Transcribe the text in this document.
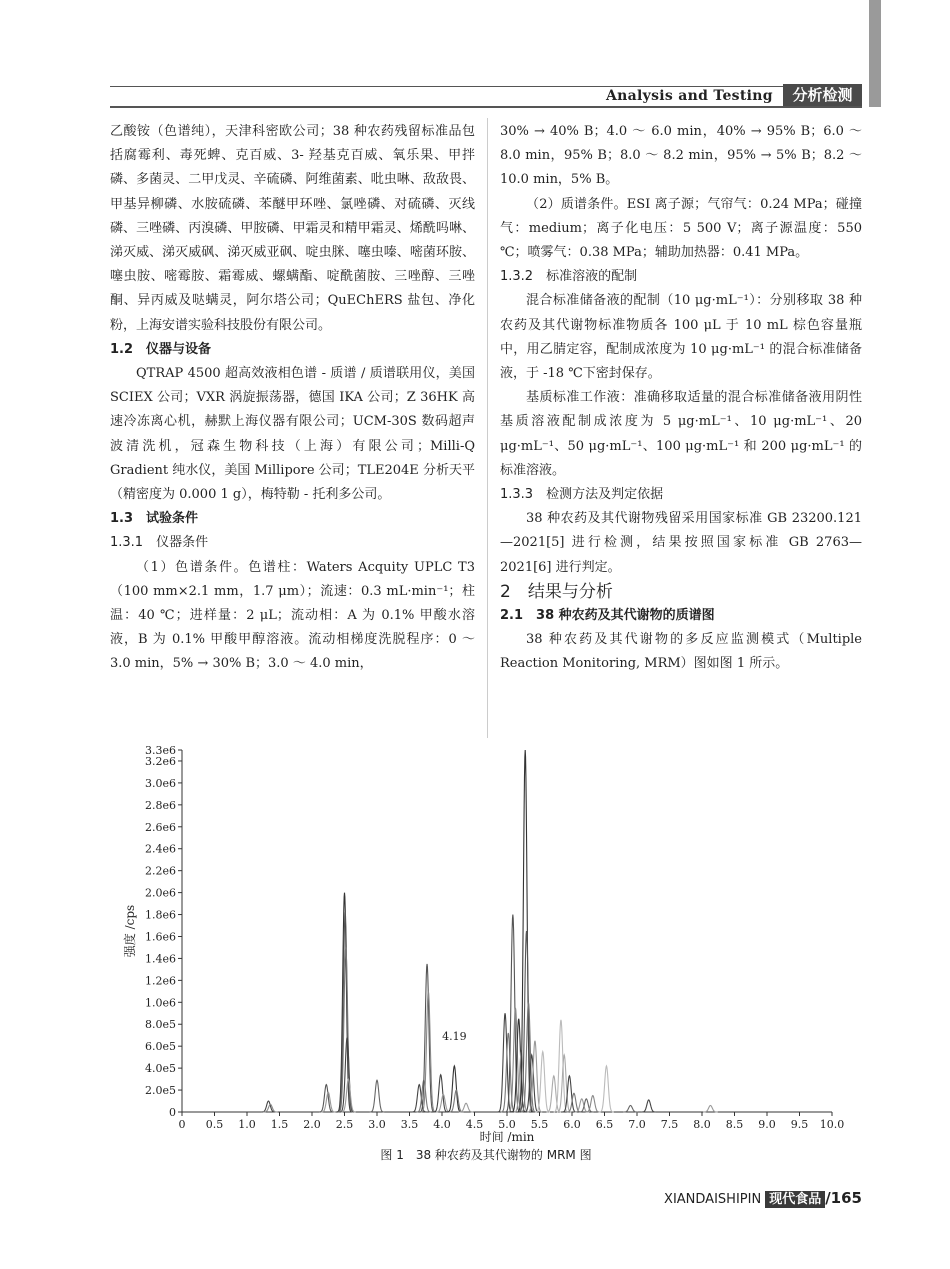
Analysis and Testing	分析检测

乙酸铵（色谱纯），天津科密欧公司；38 种农药残留标准品包括腐霉利、毒死蜱、克百威、3- 羟基克百威、氧乐果、甲拌磷、多菌灵、二甲戊灵、辛硫磷、阿维菌素、吡虫啉、敌敌畏、甲基异柳磷、水胺硫磷、苯醚甲环唑、氯唑磷、对硫磷、灭线磷、三唑磷、丙溴磷、甲胺磷、甲霜灵和精甲霜灵、烯酰吗啉、涕灭威、涕灭威砜、涕灭威亚砜、啶虫脒、噻虫嗪、嘧菌环胺、噻虫胺、嘧霉胺、霜霉威、螺螨酯、啶酰菌胺、三唑醇、三唑酮、异丙威及哒螨灵，阿尔塔公司；QuEChERS 盐包、净化粉，上海安谱实验科技股份有限公司。

1.2　仪器与设备

QTRAP 4500 超高效液相色谱 - 质谱 / 质谱联用仪，美国 SCIEX 公司；VXR 涡旋振荡器，德国 IKA 公司；Z 36HK 高速冷冻离心机，赫默上海仪器有限公司；UCM-30S 数码超声波清洗机，冠森生物科技（上海）有限公司；Milli-Q Gradient 纯水仪，美国 Millipore 公司；TLE204E 分析天平（精密度为 0.000 1 g），梅特勒 - 托利多公司。

1.3　试验条件

1.3.1　仪器条件

（1）色谱条件。色谱柱：Waters Acquity UPLC T3（100 mm×2.1 mm，1.7 μm）；流速：0.3 mL·min⁻¹；柱温：40 ℃；进样量：2 μL；流动相：A 为 0.1% 甲酸水溶液，B 为 0.1% 甲酸甲醇溶液。流动相梯度洗脱程序：0 ～ 3.0 min，5% → 30% B；3.0 ～ 4.0 min，

30% → 40% B；4.0 ～ 6.0 min，40% → 95% B；6.0 ～ 8.0 min，95% B；8.0 ～ 8.2 min，95% → 5% B；8.2 ～ 10.0 min，5% B。

（2）质谱条件。ESI 离子源；气帘气：0.24 MPa；碰撞气：medium；离子化电压：5 500 V；离子源温度：550 ℃；喷雾气：0.38 MPa；辅助加热器：0.41 MPa。

1.3.2　标准溶液的配制

混合标准储备液的配制（10 μg·mL⁻¹）：分别移取 38 种农药及其代谢物标准物质各 100 μL 于 10 mL 棕色容量瓶中，用乙腈定容，配制成浓度为 10 μg·mL⁻¹ 的混合标准储备液，于 -18 ℃下密封保存。

基质标准工作液：准确移取适量的混合标准储备液用阴性基质溶液配制成浓度为 5 μg·mL⁻¹、10 μg·mL⁻¹、20 μg·mL⁻¹、50 μg·mL⁻¹、100 μg·mL⁻¹ 和 200 μg·mL⁻¹ 的标准溶液。

1.3.3　检测方法及判定依据

38 种农药及其代谢物残留采用国家标准 GB 23200.121—2021[5] 进行检测，结果按照国家标准 GB 2763—2021[6] 进行判定。

2　结果与分析

2.1　38 种农药及其代谢物的质谱图

38 种农药及其代谢物的多反应监测模式（Multiple Reaction Monitoring, MRM）图如图 1 所示。

0 0.5 1.0 1.5 2.0 2.5 3.0 3.5 4.0 4.5 5.0 5.5 6.0 6.5 7.0 7.5 8.0 8.5 9.0 9.5 10.0
0
2.0e5
4.0e5
6.0e5
8.0e5
1.0e6
1.2e6
1.4e6
1.6e6
1.8e6
2.0e6
2.2e6
2.4e6
2.6e6
2.8e6
3.0e6
3.2e6
3.3e6
时间 /min
强度 /cps
4.19
图 1　38 种农药及其代谢物的 MRM 图
XIANDAISHIPIN 现代食品 /165
